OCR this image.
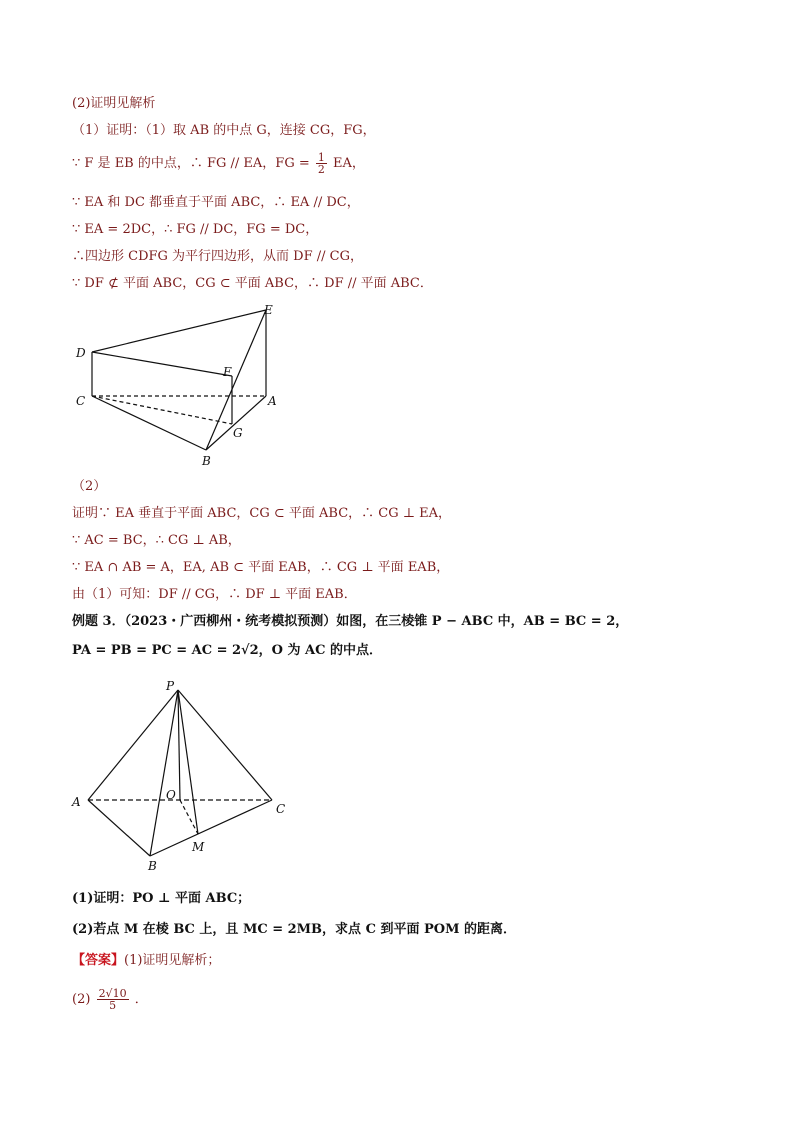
(2)证明见解析
（1）证明：（1）取 AB 的中点 G，连接 CG，FG，
∵ F 是 EB 的中点，∴ FG // EA，FG = $\frac{1}{2}$ EA，
∵ EA 和 DC 都垂直于平面 ABC，∴ EA // DC，
∵ EA = 2DC，∴ FG // DC，FG = DC，
∴四边形 CDFG 为平行四边形，从而 DF // CG，
∵ DF ⊄ 平面 ABC，CG ⊂ 平面 ABC，∴ DF // 平面 ABC．
D
E
F
C	A
G
B
（2）
证明∵ EA 垂直于平面 ABC，CG ⊂ 平面 ABC，∴ CG ⊥ EA，
∵ AC = BC，∴ CG ⊥ AB，
∵ EA ∩ AB = A，EA, AB ⊂ 平面 EAB，∴ CG ⊥ 平面 EAB，
由（1）可知：DF // CG，∴ DF ⊥ 平面 EAB．
例题 3．（2023・广西柳州・统考模拟预测）如图，在三棱锥 P − ABC 中，AB = BC = 2，
PA = PB = PC = AC = 2√2，O 为 AC 的中点．
P
A	O
C
B
M
(1)证明：PO ⊥ 平面 ABC；
(2)若点 M 在棱 BC 上，且 MC = 2MB，求点 C 到平面 POM 的距离．
【答案】(1)证明见解析；
$(2) \frac{2√10}{5}$ ．
